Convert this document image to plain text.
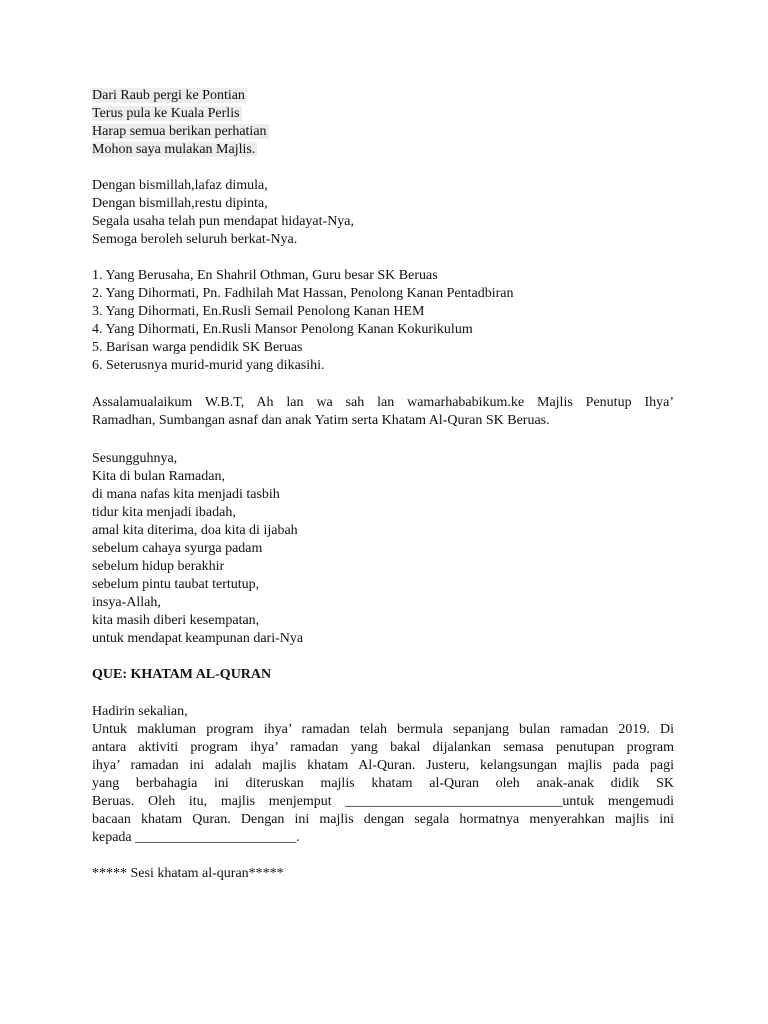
Dari Raub pergi ke Pontian
Terus pula ke Kuala Perlis
Harap semua berikan perhatian
Mohon saya mulakan Majlis.
Dengan bismillah,lafaz dimula,
Dengan bismillah,restu dipinta,
Segala usaha telah pun mendapat hidayat-Nya,
Semoga beroleh seluruh berkat-Nya.
1. Yang Berusaha, En Shahril Othman, Guru besar SK Beruas
2. Yang Dihormati, Pn. Fadhilah Mat Hassan, Penolong Kanan Pentadbiran
3. Yang Dihormati, En.Rusli Semail Penolong Kanan HEM
4. Yang Dihormati, En.Rusli Mansor Penolong Kanan Kokurikulum
5. Barisan warga pendidik SK Beruas
6. Seterusnya murid-murid yang dikasihi.
Assalamualaikum W.B.T, Ah lan wa sah lan wamarhababikum.ke Majlis Penutup Ihya’
Ramadhan, Sumbangan asnaf dan anak Yatim serta Khatam Al-Quran SK Beruas.
Sesungguhnya,
Kita di bulan Ramadan,
di mana nafas kita menjadi tasbih
tidur kita menjadi ibadah,
amal kita diterima, doa kita di ijabah
sebelum cahaya syurga padam
sebelum hidup berakhir
sebelum pintu taubat tertutup,
insya-Allah,
kita masih diberi kesempatan,
untuk mendapat keampunan dari-Nya
QUE: KHATAM AL-QURAN
Hadirin sekalian,
Untuk makluman program ihya’ ramadan telah bermula sepanjang bulan ramadan 2019. Di
antara aktiviti program ihya’ ramadan yang bakal dijalankan semasa penutupan program
ihya’ ramadan ini adalah majlis khatam Al-Quran. Justeru, kelangsungan majlis pada pagi
yang berbahagia ini diteruskan majlis khatam al-Quran oleh anak-anak didik SK
Beruas. Oleh itu, majlis menjemput _______________________________untuk mengemudi
bacaan khatam Quran. Dengan ini majlis dengan segala hormatnya menyerahkan majlis ini
kepada _______________________.
***** Sesi khatam al-quran*****
